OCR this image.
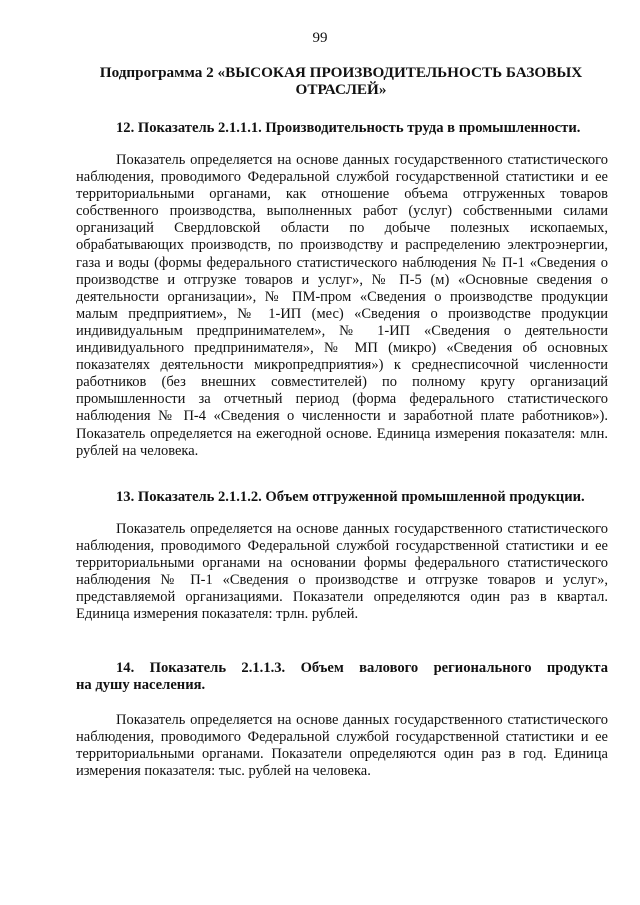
99
Подпрограмма 2 «ВЫСОКАЯ ПРОИЗВОДИТЕЛЬНОСТЬ БАЗОВЫХ
ОТРАСЛЕЙ»
12. Показатель 2.1.1.1. Производительность труда в промышленности.

Показатель определяется на основе данных государственного статистического наблюдения, проводимого Федеральной службой государственной статистики и ее территориальными органами, как отношение объема отгруженных товаров собственного производства, выполненных работ (услуг) собственными силами организаций Свердловской области по добыче полезных ископаемых, обрабатывающих производств, по производству и распределению электроэнергии, газа и воды (формы федерального статистического наблюдения № П-1 «Сведения о производстве и отгрузке товаров и услуг», № П-5 (м) «Основные сведения о деятельности организации», № ПМ-пром «Сведения о производстве продукции малым предприятием», № 1-ИП (мес) «Сведения о производстве продукции индивидуальным предпринимателем», № 1-ИП «Сведения о деятельности индивидуального предпринимателя», № МП (микро) «Сведения об основных показателях деятельности микропредприятия») к среднесписочной численности работников (без внешних совместителей) по полному кругу организаций промышленности за отчетный период (форма федерального статистического наблюдения № П-4 «Сведения о численности и заработной плате работников»). Показатель определяется на ежегодной основе. Единица измерения показателя: млн. рублей на человека.

13. Показатель 2.1.1.2. Объем отгруженной промышленной продукции.

Показатель определяется на основе данных государственного статистического наблюдения, проводимого Федеральной службой государственной статистики и ее территориальными органами на основании формы федерального статистического наблюдения № П-1 «Сведения о производстве и отгрузке товаров и услуг», представляемой организациями. Показатели определяются один раз в квартал. Единица измерения показателя: трлн. рублей.

14. Показатель 2.1.1.3. Объем валового регионального продукта
на душу населения.

Показатель определяется на основе данных государственного статистического наблюдения, проводимого Федеральной службой государственной статистики и ее территориальными органами. Показатели определяются один раз в год. Единица измерения показателя: тыс. рублей на человека.
